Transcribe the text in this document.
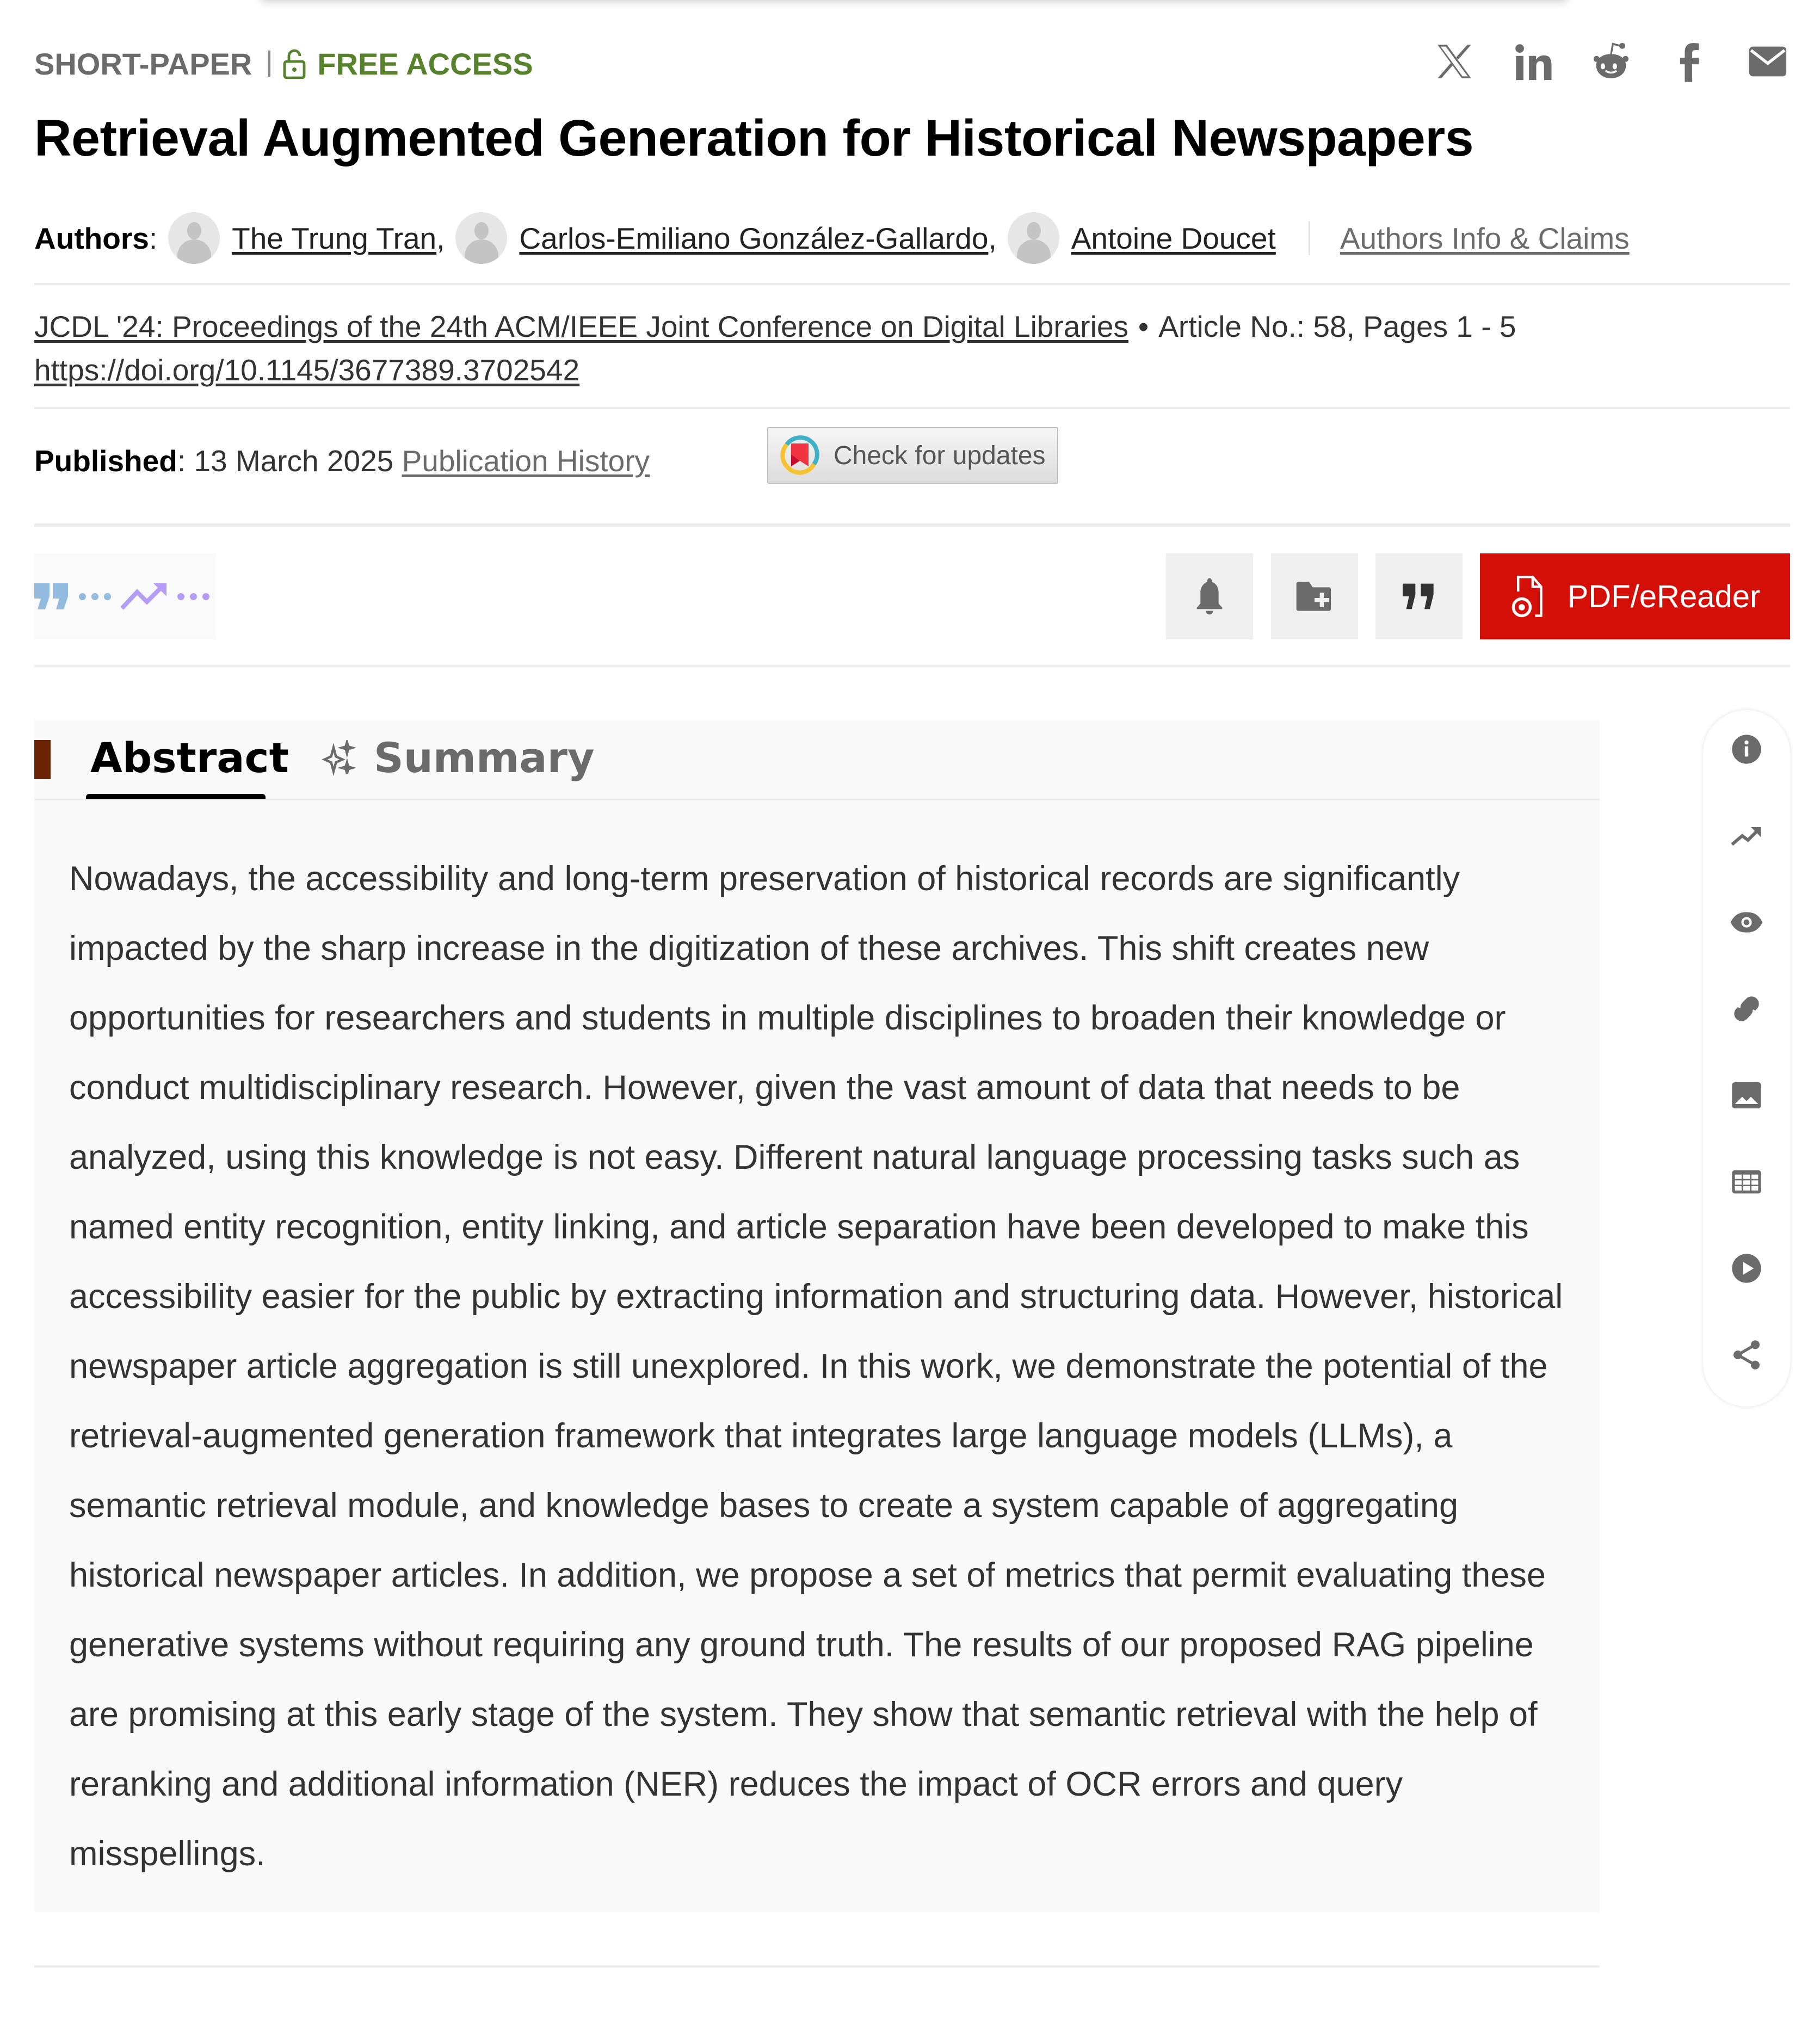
SHORT-PAPER FREE ACCESS
Retrieval Augmented Generation for Historical Newspapers
Authors : The Trung Tran , Carlos-Emiliano González-Gallardo , Antoine Doucet Authors Info & Claims
JCDL '24: Proceedings of the 24th ACM/IEEE Joint Conference on Digital Libraries • Article No.: 58, Pages 1 - 5
https://doi.org/10.1145/3677389.3702542
Published: 13 March 2025 Publication History	Check for updates
PDF/eReader
Abstract Summary

Nowadays, the accessibility and long-term preservation of historical records are significantly impacted by the sharp increase in the digitization of these archives. This shift creates new opportunities for researchers and students in multiple disciplines to broaden their knowledge or conduct multidisciplinary research. However, given the vast amount of data that needs to be analyzed, using this knowledge is not easy. Different natural language processing tasks such as named entity recognition, entity linking, and article separation have been developed to make this accessibility easier for the public by extracting information and structuring data. However, historical newspaper article aggregation is still unexplored. In this work, we demonstrate the potential of the retrieval-augmented generation framework that integrates large language models (LLMs), a semantic retrieval module, and knowledge bases to create a system capable of aggregating historical newspaper articles. In addition, we propose a set of metrics that permit evaluating these generative systems without requiring any ground truth. The results of our proposed RAG pipeline are promising at this early stage of the system. They show that semantic retrieval with the help of reranking and additional information (NER) reduces the impact of OCR errors and query misspellings.
